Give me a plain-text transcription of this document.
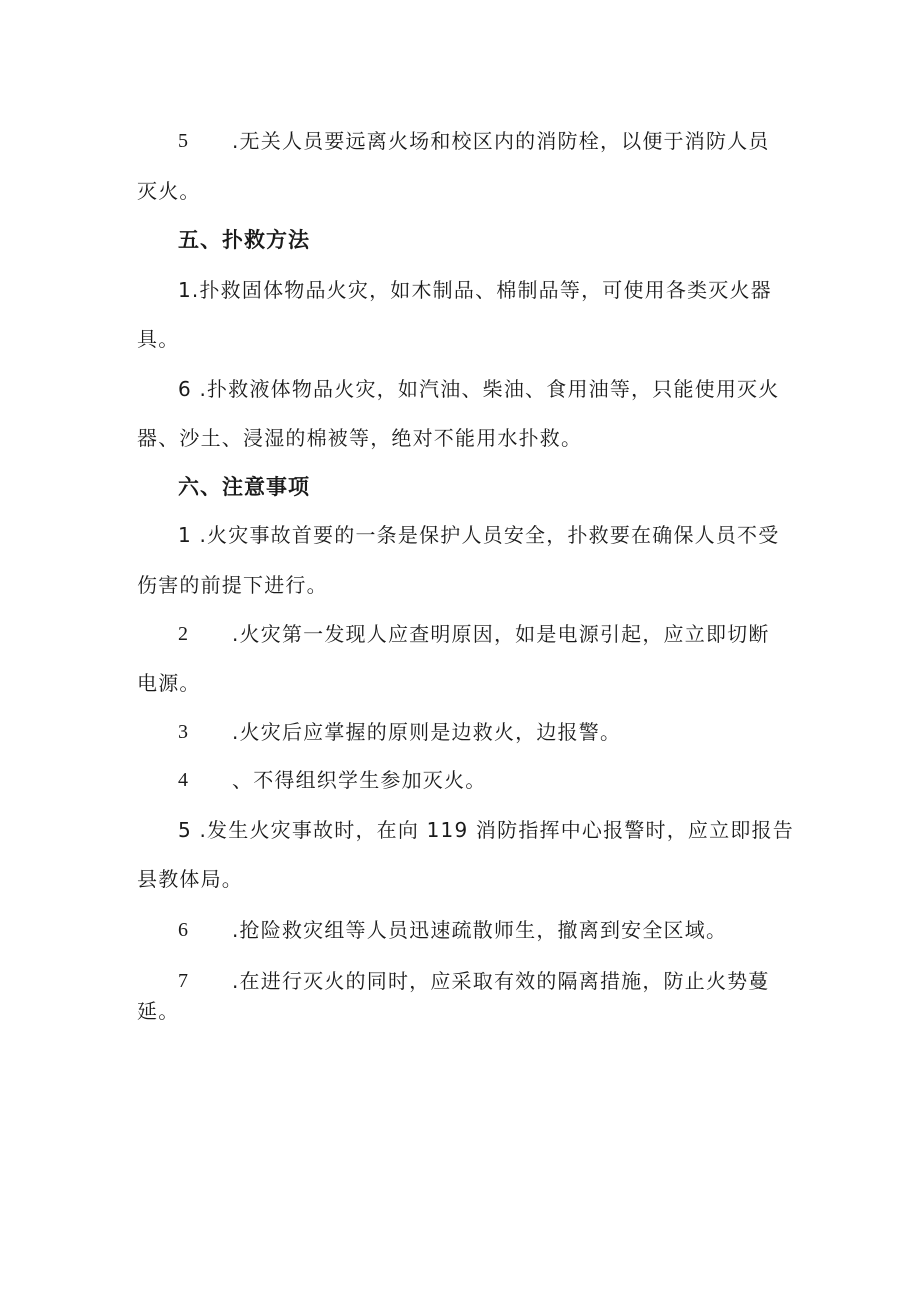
5 .无关人员要远离火场和校区内的消防栓，以便于消防人员
灭火。
五、扑救方法
1.扑救固体物品火灾，如木制品、棉制品等，可使用各类灭火器
具。
6 .扑救液体物品火灾，如汽油、柴油、食用油等，只能使用灭火
器、沙土、浸湿的棉被等，绝对不能用水扑救。
六、注意事项
1 .火灾事故首要的一条是保护人员安全，扑救要在确保人员不受
伤害的前提下进行。
2 .火灾第一发现人应查明原因，如是电源引起，应立即切断
电源。
3 .火灾后应掌握的原则是边救火，边报警。
4 、不得组织学生参加灭火。
5 .发生火灾事故时，在向 119 消防指挥中心报警时，应立即报告
县教体局。
6 .抢险救灾组等人员迅速疏散师生，撤离到安全区域。
7 .在进行灭火的同时，应采取有效的隔离措施，防止火势蔓
延。
